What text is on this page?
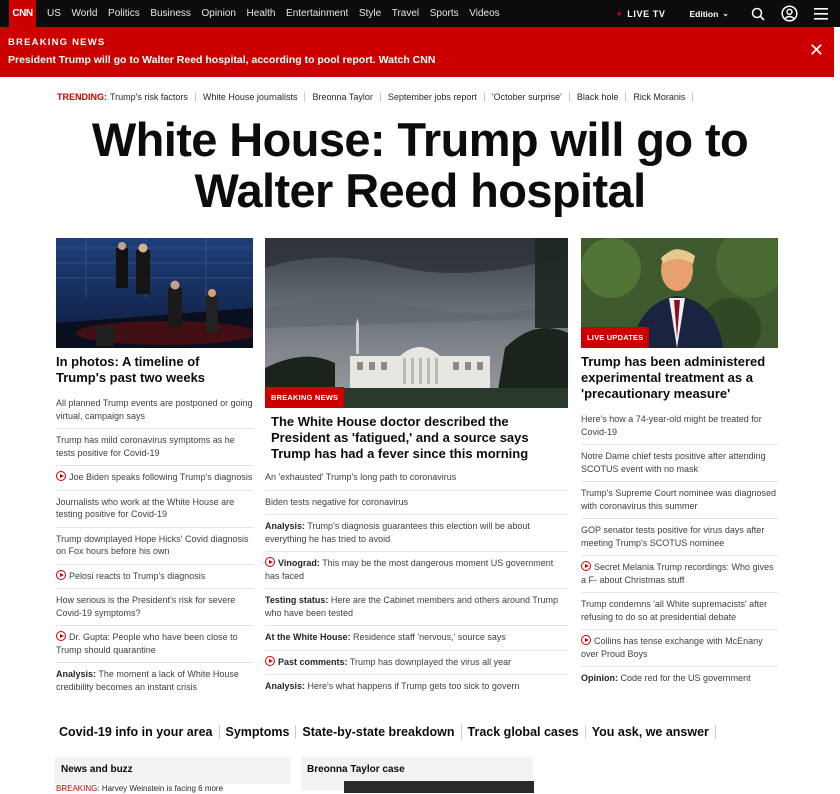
CNN	US World Politics Business Opinion Health Entertainment Style Travel Sports Videos	● LIVE TV	Edition ⌄
BREAKING NEWS
President Trump will go to Walter Reed hospital, according to pool report. Watch CNN	✕
TRENDING: Trump's risk factors White House journalists Breonna Taylor September jobs report 'October surprise' Black hole Rick Moranis
White House: Trump will go to Walter Reed hospital
In photos: A timeline of Trump's past two weeks
All planned Trump events are postponed or going virtual, campaign says
Trump has mild coronavirus symptoms as he tests positive for Covid-19
Joe Biden speaks following Trump's diagnosis
Journalists who work at the White House are testing positive for Covid-19
Trump downplayed Hope Hicks' Covid diagnosis on Fox hours before his own
Pelosi reacts to Trump's diagnosis
How serious is the President's risk for severe Covid-19 symptoms?
Dr. Gupta: People who have been close to Trump should quarantine
Analysis: The moment a lack of White House credibility becomes an instant crisis
BREAKING NEWS
The White House doctor described the President as 'fatigued,' and a source says Trump has had a fever since this morning
An 'exhausted' Trump's long path to coronavirus
Biden tests negative for coronavirus
Analysis: Trump's diagnosis guarantees this election will be about everything he has tried to avoid
Vinograd: This may be the most dangerous moment US government has faced
Testing status: Here are the Cabinet members and others around Trump who have been tested
At the White House: Residence staff 'nervous,' source says
Past comments: Trump has downplayed the virus all year
Analysis: Here's what happens if Trump gets too sick to govern
LIVE UPDATES
Trump has been administered experimental treatment as a 'precautionary measure'
Here's how a 74-year-old might be treated for Covid-19
Notre Dame chief tests positive after attending SCOTUS event with no mask
Trump's Supreme Court nominee was diagnosed with coronavirus this summer
GOP senator tests positive for virus days after meeting Trump's SCOTUS nominee
Secret Melania Trump recordings: Who gives a F- about Christmas stuff
Trump condemns 'all White supremacists' after refusing to do so at presidential debate
Collins has tense exchange with McEnany over Proud Boys
Opinion: Code red for the US government
Covid-19 info in your area Symptoms State-by-state breakdown Track global cases You ask, we answer
News and buzz
BREAKING: Harvey Weinstein is facing 6 more
Breonna Taylor case
